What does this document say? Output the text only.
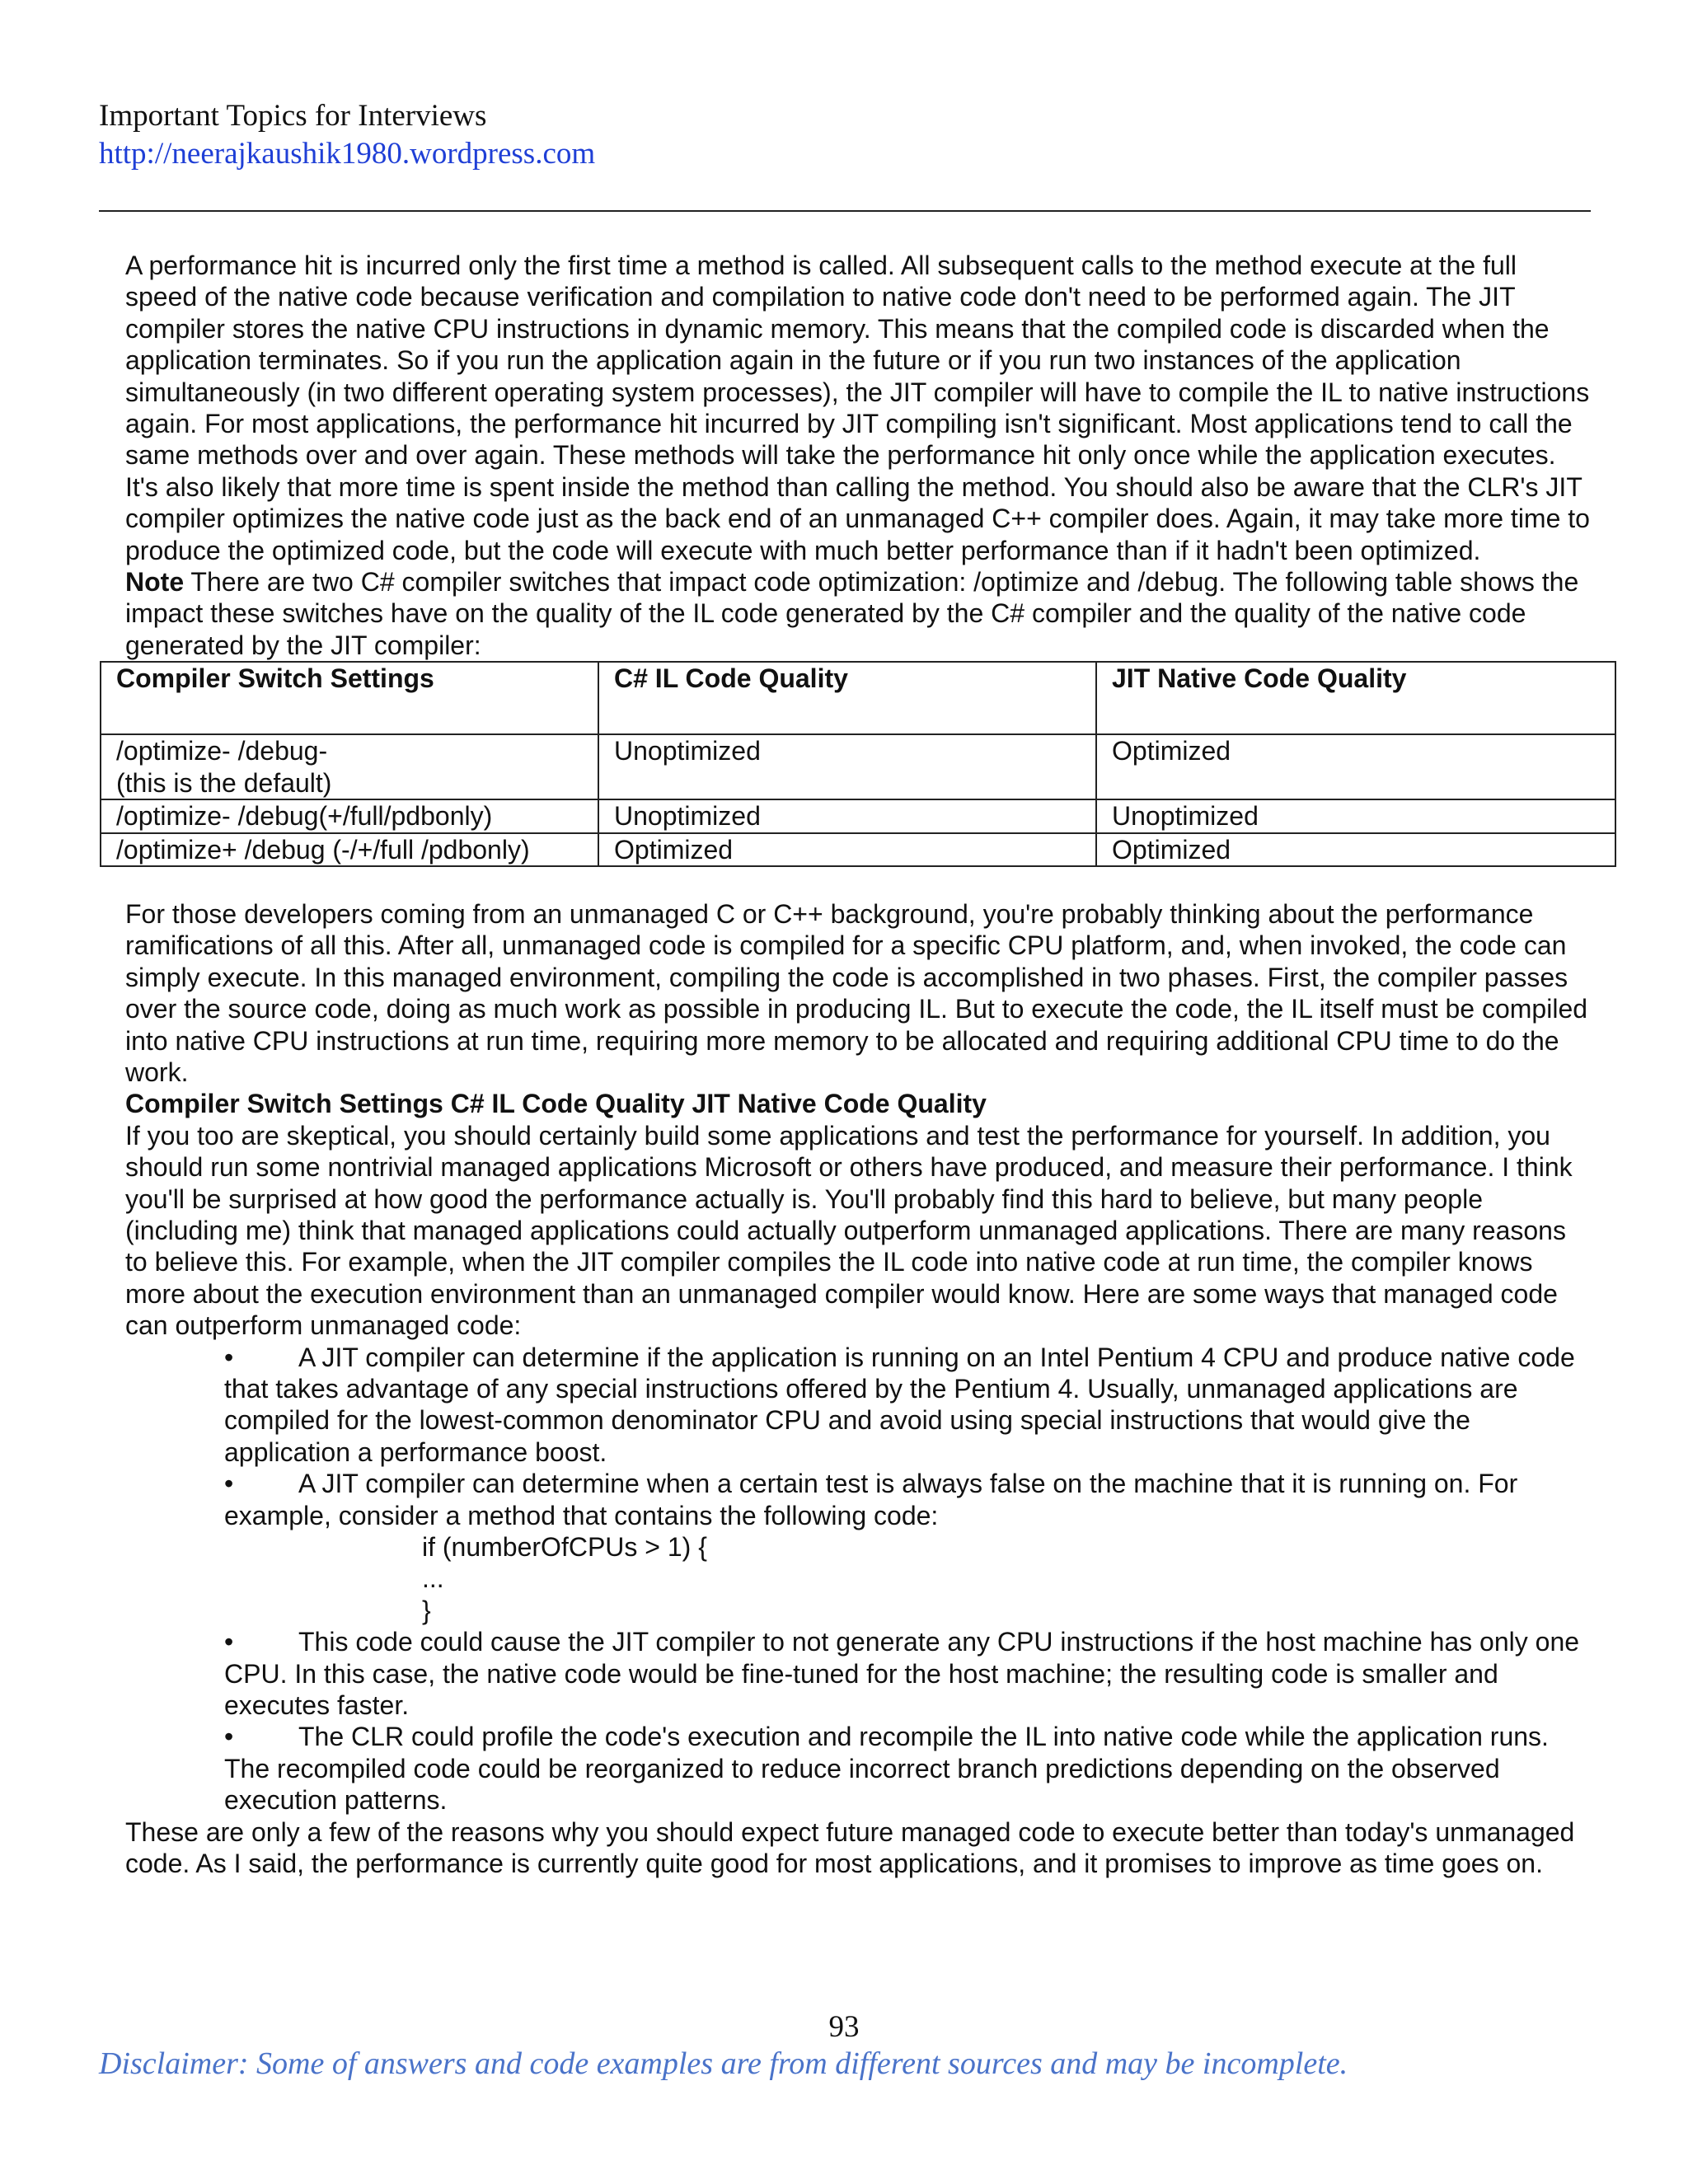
Important Topics for Interviews
http://neerajkaushik1980.wordpress.com

A performance hit is incurred only the first time a method is called. All subsequent calls to the method execute at the full speed of the native code because verification and compilation to native code don't need to be performed again. The JIT compiler stores the native CPU instructions in dynamic memory. This means that the compiled code is discarded when the application terminates. So if you run the application again in the future or if you run two instances of the application simultaneously (in two different operating system processes), the JIT compiler will have to compile the IL to native instructions again. For most applications, the performance hit incurred by JIT compiling isn't significant. Most applications tend to call the same methods over and over again. These methods will take the performance hit only once while the application executes. It's also likely that more time is spent inside the method than calling the method. You should also be aware that the CLR's JIT compiler optimizes the native code just as the back end of an unmanaged C++ compiler does. Again, it may take more time to produce the optimized code, but the code will execute with much better performance than if it hadn't been optimized.

Note There are two C# compiler switches that impact code optimization: /optimize and /debug. The following table shows the impact these switches have on the quality of the IL code generated by the C# compiler and the quality of the native code generated by the JIT compiler:

Compiler Switch Settings	C# IL Code Quality	JIT Native Code Quality

/optimize- /debug-
(this is the default)	Unoptimized	Optimized
/optimize- /debug(+/full/pdbonly)	Unoptimized	Unoptimized
/optimize+ /debug (-/+/full /pdbonly)	Optimized	Optimized

For those developers coming from an unmanaged C or C++ background, you're probably thinking about the performance ramifications of all this. After all, unmanaged code is compiled for a specific CPU platform, and, when invoked, the code can simply execute. In this managed environment, compiling the code is accomplished in two phases. First, the compiler passes over the source code, doing as much work as possible in producing IL. But to execute the code, the IL itself must be compiled into native CPU instructions at run time, requiring more memory to be allocated and requiring additional CPU time to do the work.

Compiler Switch Settings C# IL Code Quality JIT Native Code Quality

If you too are skeptical, you should certainly build some applications and test the performance for yourself. In addition, you should run some nontrivial managed applications Microsoft or others have produced, and measure their performance. I think you'll be surprised at how good the performance actually is. You'll probably find this hard to believe, but many people (including me) think that managed applications could actually outperform unmanaged applications. There are many reasons to believe this. For example, when the JIT compiler compiles the IL code into native code at run time, the compiler knows more about the execution environment than an unmanaged compiler would know. Here are some ways that managed code can outperform unmanaged code:

• A JIT compiler can determine if the application is running on an Intel Pentium 4 CPU and produce native code that takes advantage of any special instructions offered by the Pentium 4. Usually, unmanaged applications are compiled for the lowest-common denominator CPU and avoid using special instructions that would give the application a performance boost.
• A JIT compiler can determine when a certain test is always false on the machine that it is running on. For example, consider a method that contains the following code:
if (numberOfCPUs > 1) {
...
}
• This code could cause the JIT compiler to not generate any CPU instructions if the host machine has only one CPU. In this case, the native code would be fine-tuned for the host machine; the resulting code is smaller and executes faster.
• The CLR could profile the code's execution and recompile the IL into native code while the application runs. The recompiled code could be reorganized to reduce incorrect branch predictions depending on the observed execution patterns.

These are only a few of the reasons why you should expect future managed code to execute better than today's unmanaged code. As I said, the performance is currently quite good for most applications, and it promises to improve as time goes on.

93
Disclaimer: Some of answers and code examples are from different sources and may be incomplete.
